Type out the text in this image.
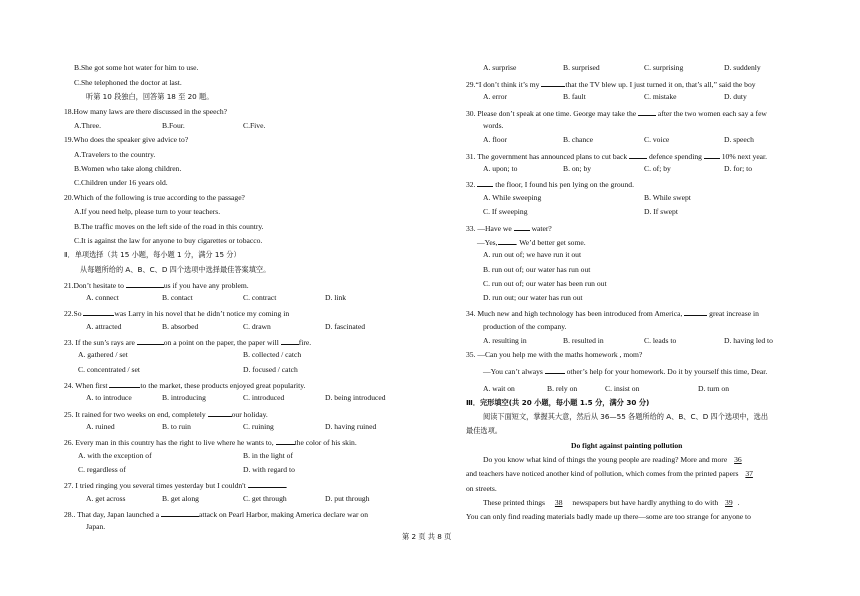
B.She got some hot water for him to use.
C.She telephoned the doctor at last.
听第 10 段独白，回答第 18 至 20 题。
18.How many laws are there discussed in the speech?
A.Three.	B.Four.	C.Five.
19.Who does the speaker give advice to?
A.Travelers to the country.
B.Women who take along children.
C.Children under 16 years old.
20.Which of the following is true according to the passage?
A.If you need help, please turn to your teachers.
B.The traffic moves on the left side of the road in this country.
C.It is against the law for anyone to buy cigarettes or tobacco.
Ⅱ．单项选择（共 15 小题，每小题 1 分，满分 15 分）
从每题所给的 A、B、C、D 四个选项中选择最佳答案填空。
21.Don’t hesitate to	us if you have any problem.
A. connect	B. contact	C. contract	D. link
22.So	was Larry in his novel that he didn’t notice my coming in
A. attracted	B. absorbed	C. drawn	D. fascinated
23. If the sun’s rays are	on a point on the paper, the paper will fire.
A. gathered / set	B. collected / catch
C. concentrated / set	D. focused / catch
24. When first	to the market, these products enjoyed great popularity.
A. to introduce	B. introducing	C. introduced	D. being introduced
25. It rained for two weeks on end, completely	our holiday.
A. ruined	B. to ruin	C. ruining	D. having ruined
26. Every man in this country has the right to live where he wants to,	the color of his skin.
A. with the exception of	B. in the light of
C. regardless of	D. with regard to
27. I tried ringing you several times yesterday but I couldn't	.
A. get across	B. get along	C. get through	D. put through
28.. That day, Japan launched a	attack on Pearl Harbor, making America declare war on
Japan.
A. surprise	B. surprised	C. surprising	D. suddenly
29.“I don’t think it’s my	that the TV blew up. I just turned it on, that’s all,” said the boy
A. error	B. fault	C. mistake	D. duty
30. Please don’t speak at one time. George may take the  after the two women each say a few
words.
A. floor	B. chance	C. voice	D. speech
31. The government has announced plans to cut back  defence spending  10% next year.
A. upon; to	B. on; by	C. of; by	D. for; to
32.  the floor, I found his pen lying on the ground.
A. While sweeping	B. While swept
C. If sweeping	D. If swept
33. —Have we  water?
—Yes, . We’d better get some.
A. run out of; we have run it out
B. run out of; our water has run out
C. run out of; our water has been run out
D. run out; our water has run out
34. Much new and high technology has been introduced from America,	great increase in
production of the company.
A. resulting in	B. resulted in	C. leads to	D. having led to
35. —Can you help me with the maths homework , mom?
—You can’t always	other’s help for your homework. Do it by yourself this time, Dear.
A. wait on	B. rely on	C. insist on	D. turn on
Ⅲ．完形填空(共 20 小题，每小题 1.5 分，满分 30 分)
阅读下面短文，掌握其大意，然后从 36—55 各题所给的 A、B、C、D 四个选项中，选出
最佳选项。
Do fight against painting pollution
Do you know what kind of things the young people are reading? More and more 36
and teachers have noticed another kind of pollution, which comes from the printed papers 37
on streets.
These printed things 38 newspapers but have hardly anything to do with 39 .
You can only find reading materials badly made up there—some are too strange for anyone to
第 2 页 共 8 页
